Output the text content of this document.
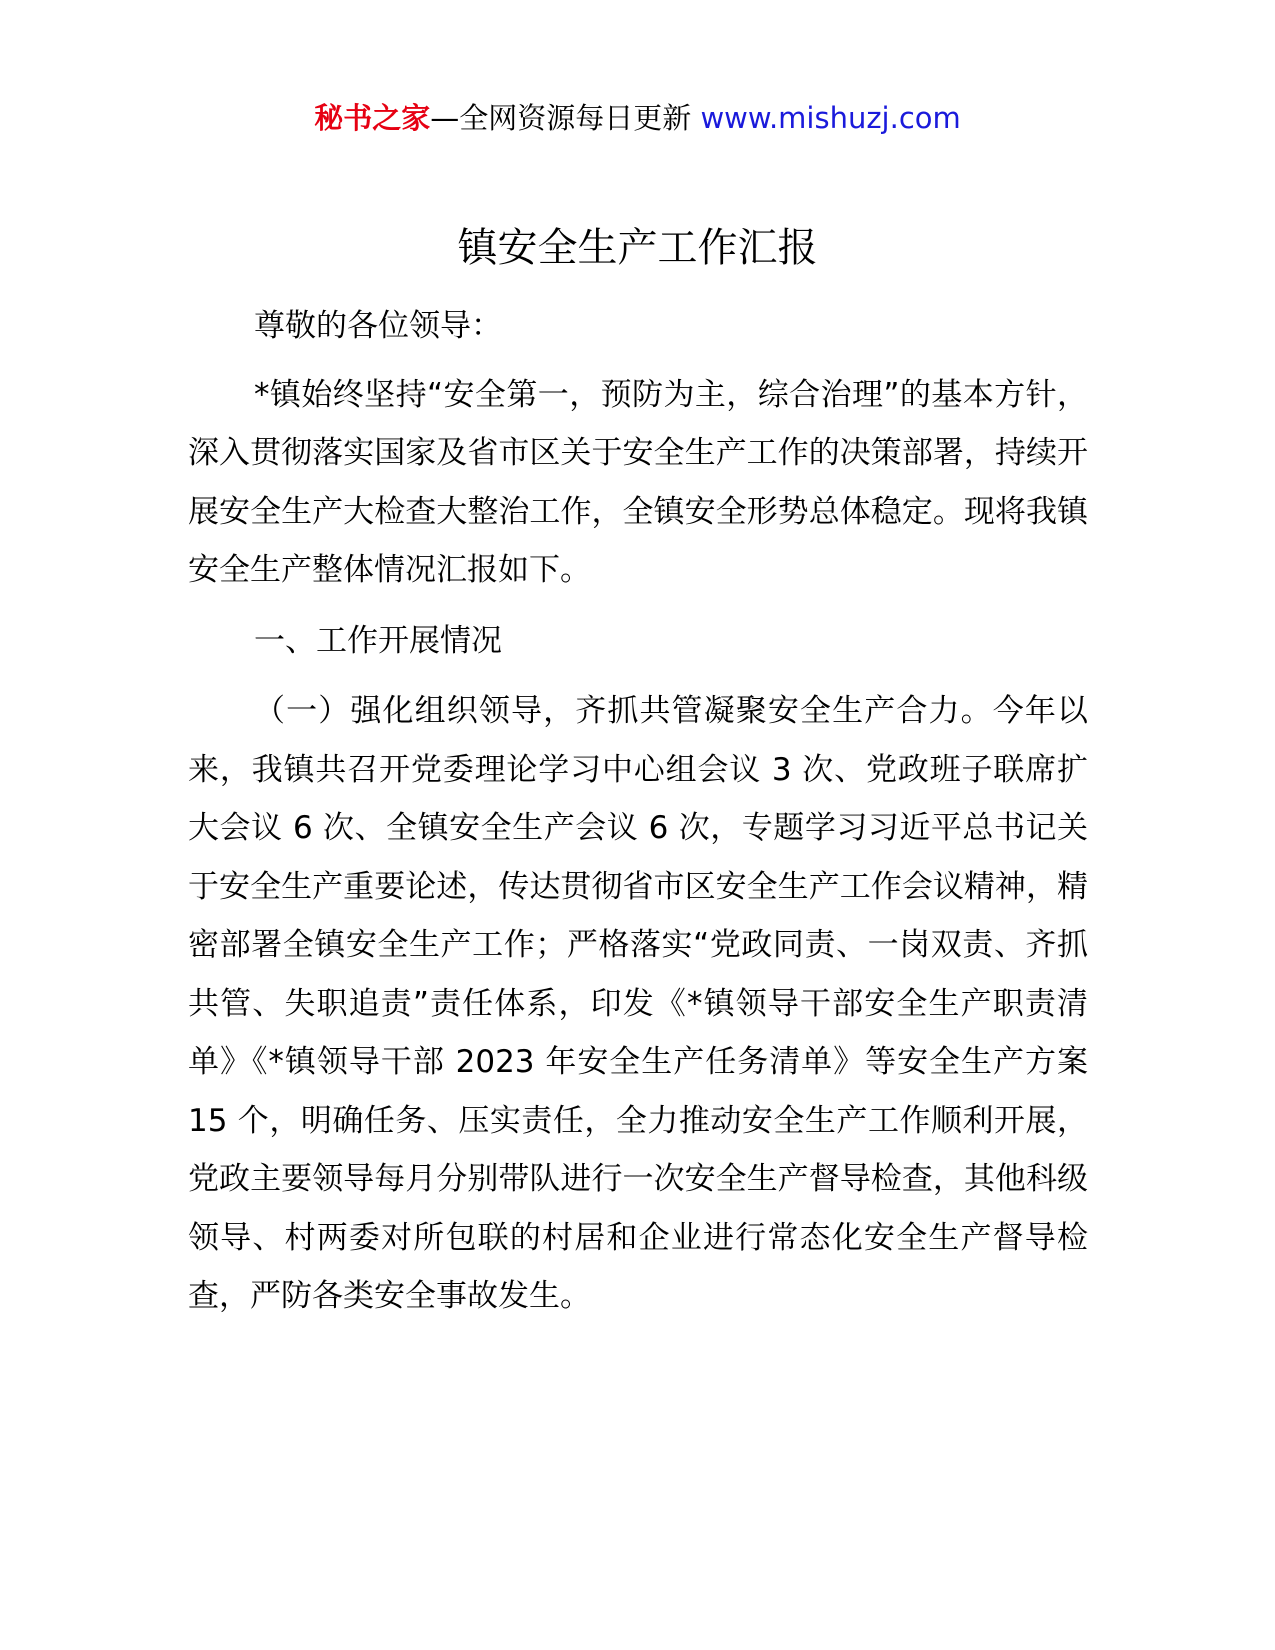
秘书之家—全网资源每日更新 www.mishuzj.com
镇安全生产工作汇报

尊敬的各位领导：

*镇始终坚持“安全第一，预防为主，综合治理”的基本方针，深入贯彻落实国家及省市区关于安全生产工作的决策部署，持续开展安全生产大检查大整治工作，全镇安全形势总体稳定。现将我镇安全生产整体情况汇报如下。

一、工作开展情况

（一）强化组织领导，齐抓共管凝聚安全生产合力。今年以来，我镇共召开党委理论学习中心组会议 3 次、党政班子联席扩大会议 6 次、全镇安全生产会议 6 次，专题学习习近平总书记关于安全生产重要论述，传达贯彻省市区安全生产工作会议精神，精密部署全镇安全生产工作；严格落实“党政同责、一岗双责、齐抓共管、失职追责”责任体系，印发《*镇领导干部安全生产职责清单》《*镇领导干部 2023 年安全生产任务清单》等安全生产方案 15 个，明确任务、压实责任，全力推动安全生产工作顺利开展，党政主要领导每月分别带队进行一次安全生产督导检查，其他科级领导、村两委对所包联的村居和企业进行常态化安全生产督导检查，严防各类安全事故发生。
